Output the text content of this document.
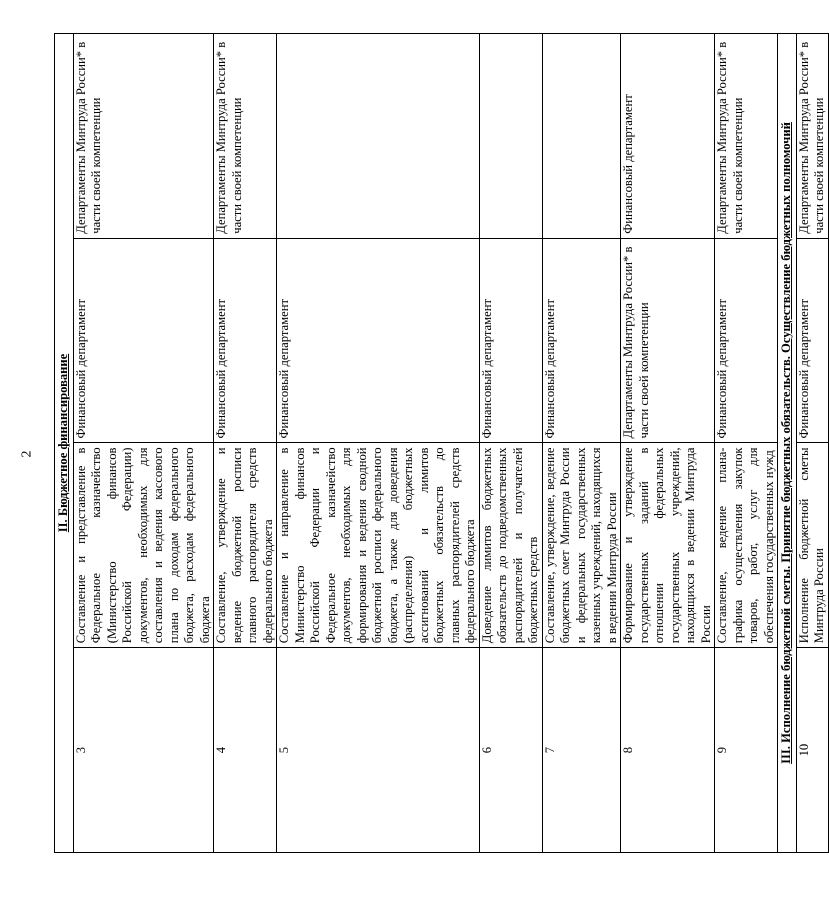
2 II. Бюджетное финансирование			
3	Составление и представление в Федеральное казначейство (Министерство финансов Российской Федерации) документов, необходимых для составления и ведения кассового плана по доходам федерального бюджета, расходам федерального бюджета	Финансовый департамент	Департаменты Минтруда России* в части своей компетенции
4	Составление, утверждение и ведение бюджетной росписи главного распорядителя средств федерального бюджета	Финансовый департамент	Департаменты Минтруда России* в части своей компетенции
5	Составление и направление в Министерство финансов Российской Федерации и Федеральное казначейство документов, необходимых для формирования и ведения сводной бюджетной росписи федерального бюджета, а также для доведения (распределения) бюджетных ассигнований и лимитов бюджетных обязательств до главных распорядителей средств федерального бюджета	Финансовый департамент	
6	Доведение лимитов бюджетных обязательств до подведомственных распорядителей и получателей бюджетных средств	Финансовый департамент	
7	Составление, утверждение, ведение бюджетных смет Минтруда России и федеральных государственных казенных учреждений, находящихся в ведении Минтруда России	Финансовый департамент	
8	Формирование и утверждение государственных заданий в отношении федеральных государственных учреждений, находящихся в ведении Минтруда России	Департаменты Минтруда России* в части своей компетенции	Финансовый департамент
9	Составление, ведение плана-графика осуществления закупок товаров, работ, услуг для обеспечения государственных нужд	Финансовый департамент	Департаменты Минтруда России* в части своей компетенции
III. Исполнение бюджетной сметы. Принятие бюджетных обязательств. Осуществление бюджетных полномочий			
10	Исполнение бюджетной сметы Минтруда России	Финансовый департамент	Департаменты Минтруда России* в части своей компетенции
